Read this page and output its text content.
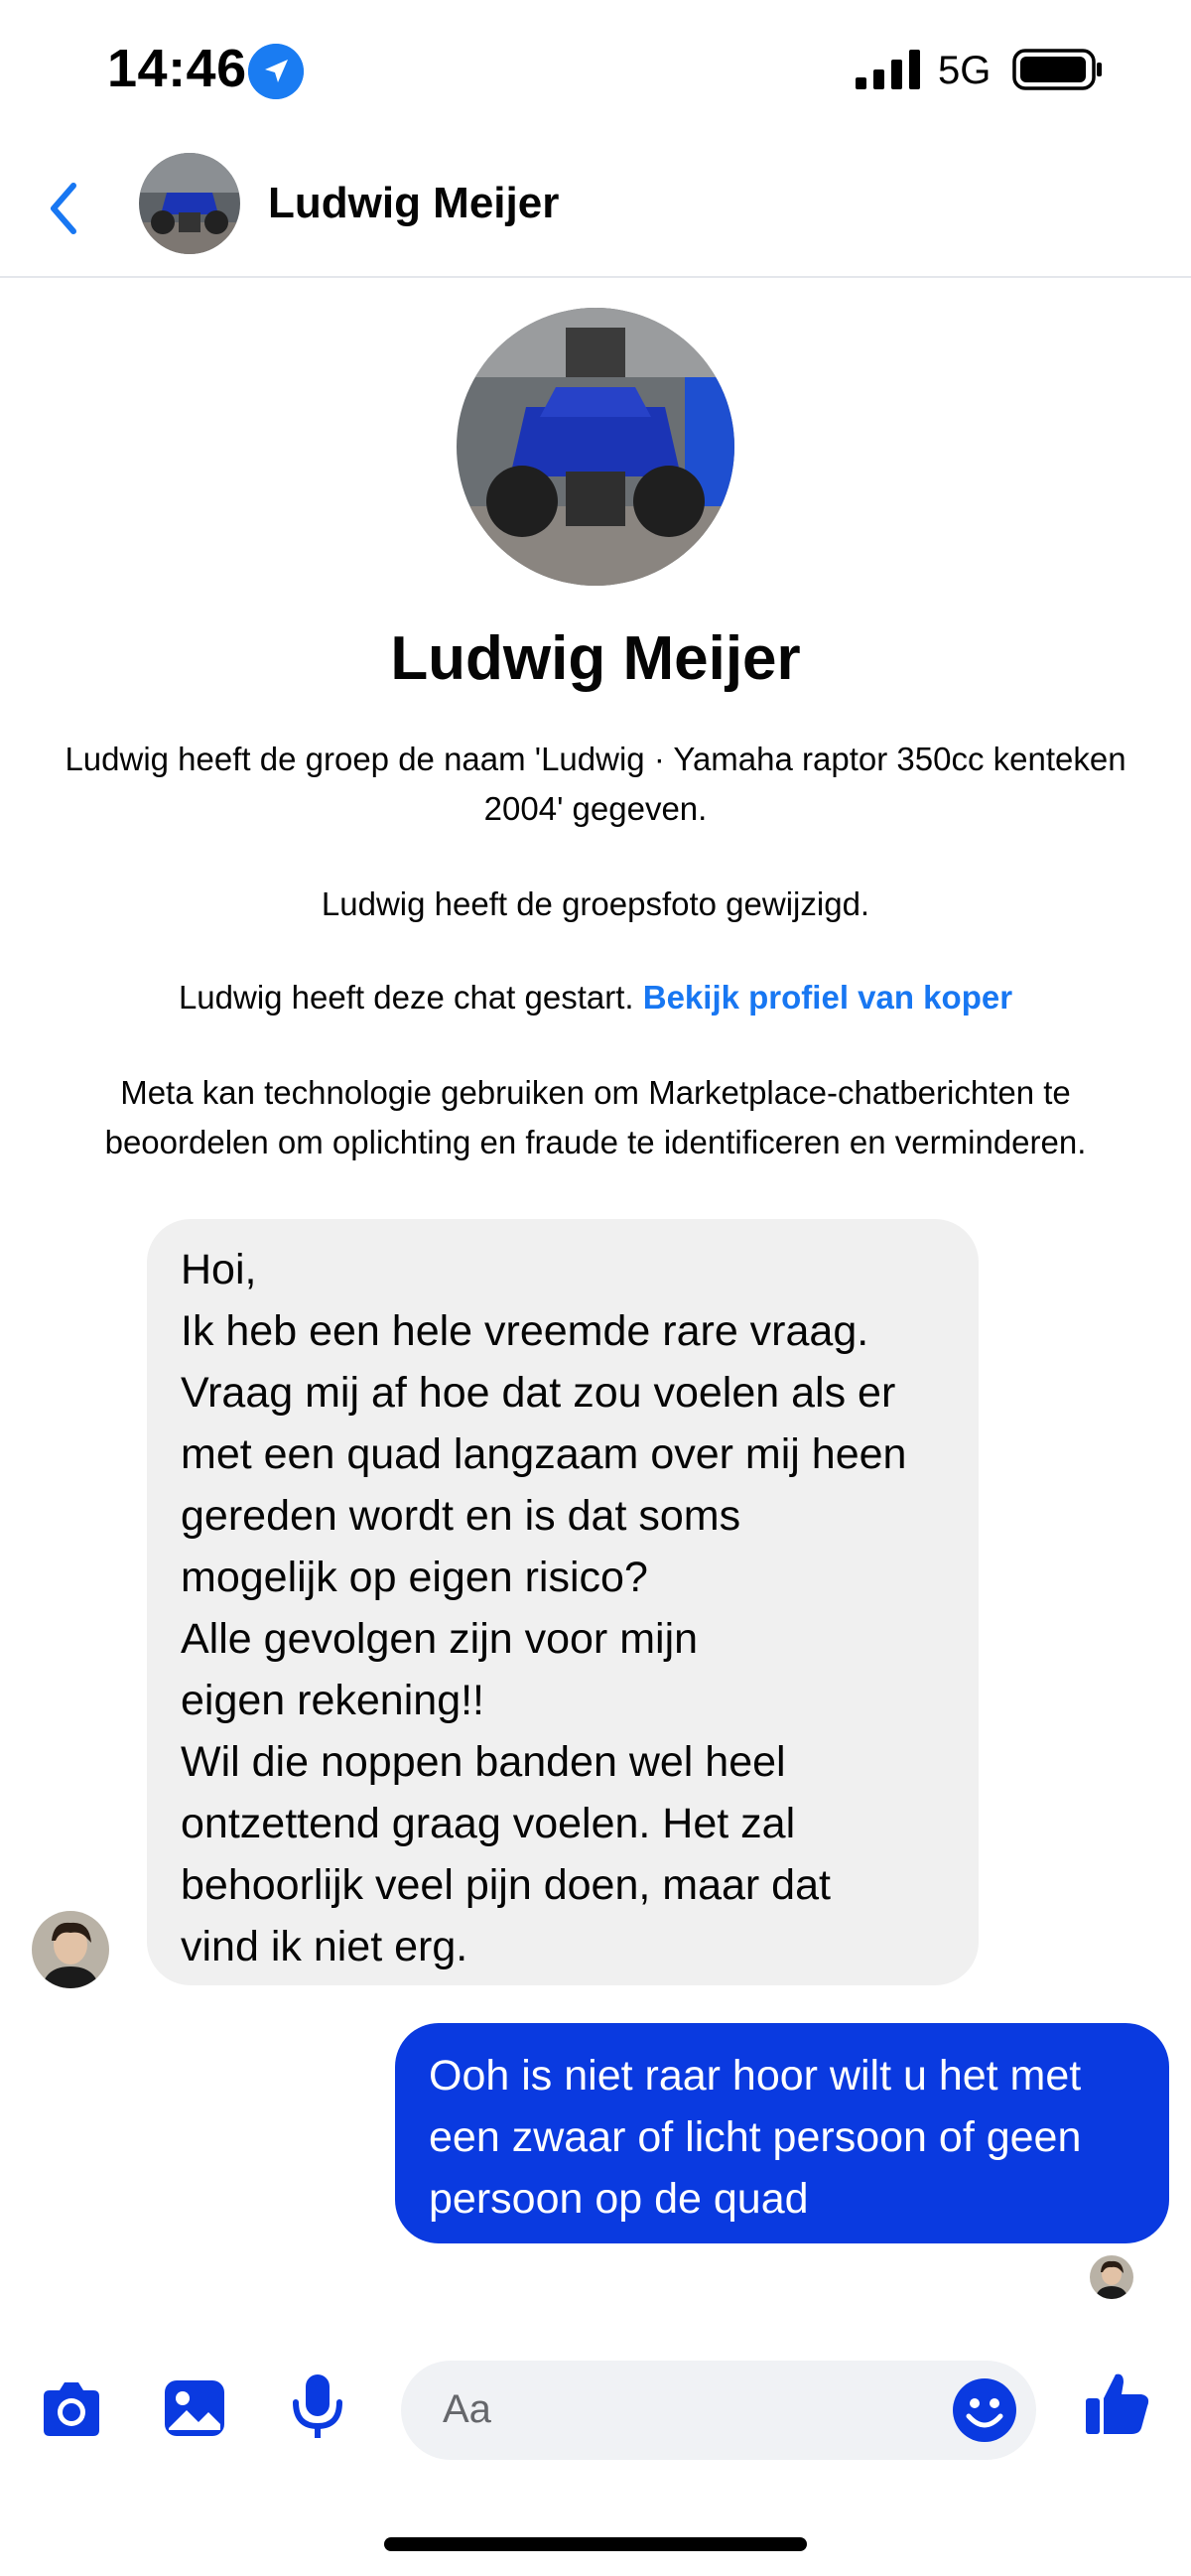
14:46	5G
Ludwig Meijer
Ludwig Meijer
Ludwig heeft de groep de naam 'Ludwig · Yamaha raptor 350cc kenteken 2004' gegeven.
Ludwig heeft de groepsfoto gewijzigd.
Ludwig heeft deze chat gestart. Bekijk profiel van koper
Meta kan technologie gebruiken om Marketplace-chatberichten te beoordelen om oplichting en fraude te identificeren en verminderen.
Hoi,
Ik heb een hele vreemde rare vraag.
Vraag mij af hoe dat zou voelen als er
met een quad langzaam over mij heen
gereden wordt en is dat soms
mogelijk op eigen risico?
Alle gevolgen zijn voor mijn
eigen rekening!!
Wil die noppen banden wel heel
ontzettend graag voelen. Het zal
behoorlijk veel pijn doen, maar dat
vind ik niet erg.
Ooh is niet raar hoor wilt u het met
een zwaar of licht persoon of geen
persoon op de quad
Aa
